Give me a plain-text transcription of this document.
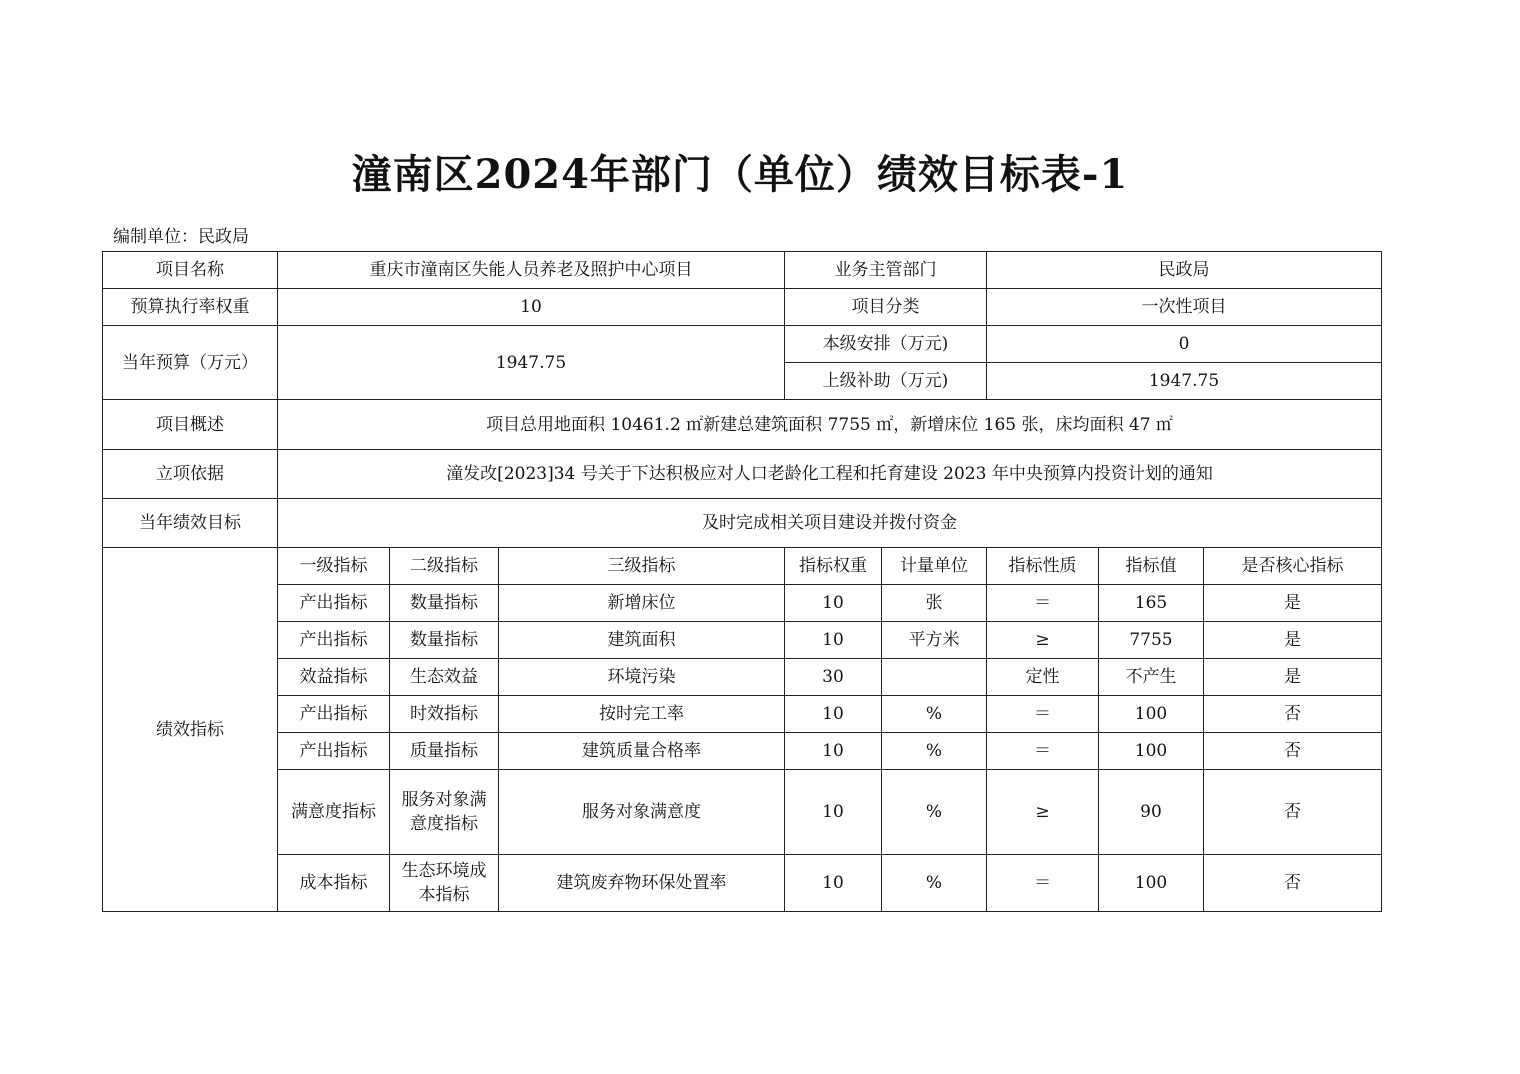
潼南区2024年部门（单位）绩效目标表-1
编制单位：民政局
项目名称	重庆市潼南区失能人员养老及照护中心项目			业务主管部门		民政局		
预算执行率权重	10			项目分类		一次性项目		
当年预算（万元）	1947.75			本级安排（万元)		0		
				上级补助（万元)		1947.75		
项目概述	项目总用地面积 10461.2 ㎡新建总建筑面积 7755 ㎡，新增床位 165 张，床均面积 47 ㎡							
立项依据	潼发改[2023]34 号关于下达积极应对人口老龄化工程和托育建设 2023 年中央预算内投资计划的通知							
当年绩效目标	及时完成相关项目建设并拨付资金							
绩效指标	一级指标	二级指标	三级指标	指标权重	计量单位	指标性质	指标值	是否核心指标
	产出指标	数量指标	新增床位	10	张	＝	165	是
	产出指标	数量指标	建筑面积	10	平方米	≥	7755	是
	效益指标	生态效益	环境污染	30		定性	不产生	是
	产出指标	时效指标	按时完工率	10	%	＝	100	否
	产出指标	质量指标	建筑质量合格率	10	%	＝	100	否
	满意度指标	服务对象满意度指标	服务对象满意度	10	%	≥	90	否
	成本指标	生态环境成本指标	建筑废弃物环保处置率	10	%	＝	100	否
